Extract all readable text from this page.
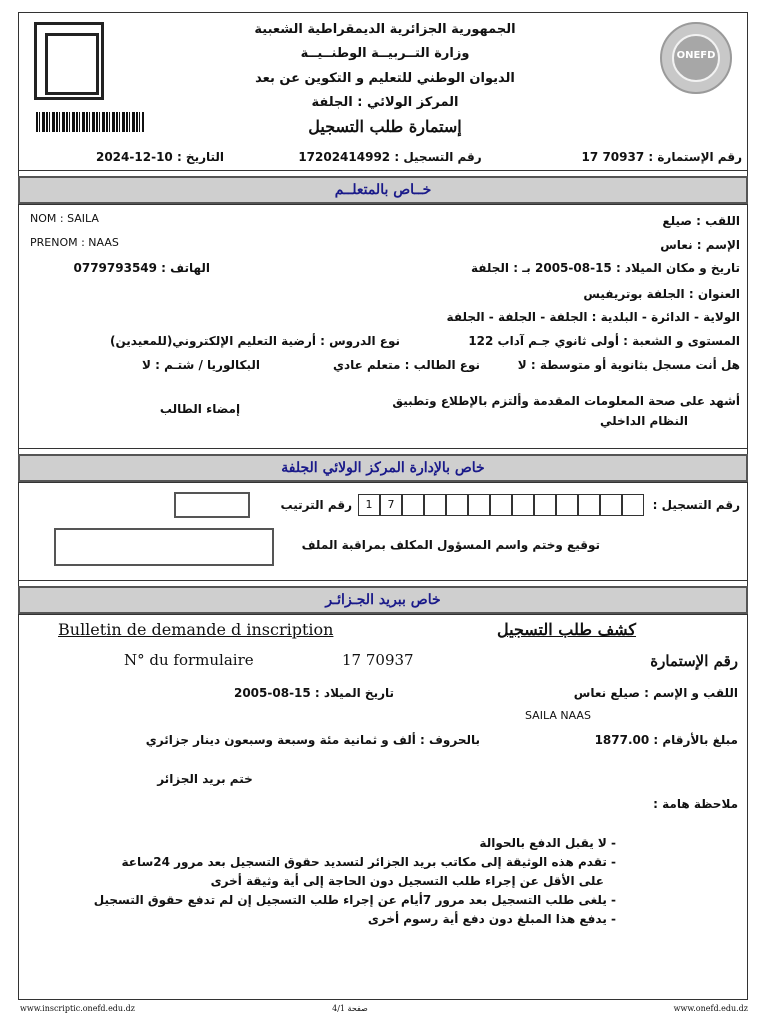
ONEFD
الجمهورية الجزائرية الديمقراطية الشعبية
وزارة التــربيــة الوطنــيــة
الديوان الوطني للتعليم و التكوين عن بعد
المركز الولائي : الجلفة
إستمارة طلب التسجيل
رقم الإستمارة : 70937 17
رقم التسجيل : 17202414992
التاريخ : 10-12-2024
خــاص بالمتعلــم
NOM : SAILA
PRENOM : NAAS
اللقب : صيلع
الإسم : نعاس
الهاتف : 0779793549	تاريخ و مكان الميلاد : 15-08-2005 بـ : الجلفة
العنوان : الجلفة بوتريفيس
الولاية - الدائرة - البلدية : الجلفة - الجلفة - الجلفة
المستوى و الشعبة : أولى ثانوي جـم آداب 122
نوع الدروس : أرضية التعليم الإلكتروني(للمعيدين)
هل أنت مسجل بثانوية أو متوسطة : لا
نوع الطالب : متعلم عادي
البكالوريا / شتـم : لا
أشهد على صحة المعلومات المقدمة وألتزم بالإطلاع وتطبيق
النظام الداخلي
إمضاء الطالب
خاص بالإدارة المركز الولائي الجلفة
رقم التسجيل :
1	7
رقم الترتيب
توقيع وختم واسم المسؤول المكلف بمراقبة الملف
خاص ببريد الجـزائـر
Bulletin de demande d inscription	كشف طلب التسجيل
N° du formulaire	17 70937	رقم الإستمارة
اللقب و الإسم : صيلع نعاس
تاريخ الميلاد : 15-08-2005
SAILA NAAS
مبلغ بالأرقام : 1877.00
بالحروف : ألف و ثمانية مئة وسبعة وسبعون دينار جزائري
ختم بريد الجزائر
ملاحظة هامة :
- لا يقبل الدفع بالحوالة
- تقدم هذه الوثيقة إلى مكاتب بريد الجزائر لتسديد حقوق التسجيل بعد مرور 24ساعة
على الأقل عن إجراء طلب التسجيل دون الحاجة إلى أية وثيقة أخرى
- يلغى طلب التسجيل بعد مرور 7أيام عن إجراء طلب التسجيل إن لم تدفع حقوق التسجيل
- يدفع هذا المبلغ دون دفع أية رسوم أخرى
www.inscriptic.onefd.edu.dz	صفحة 4/1	www.onefd.edu.dz
